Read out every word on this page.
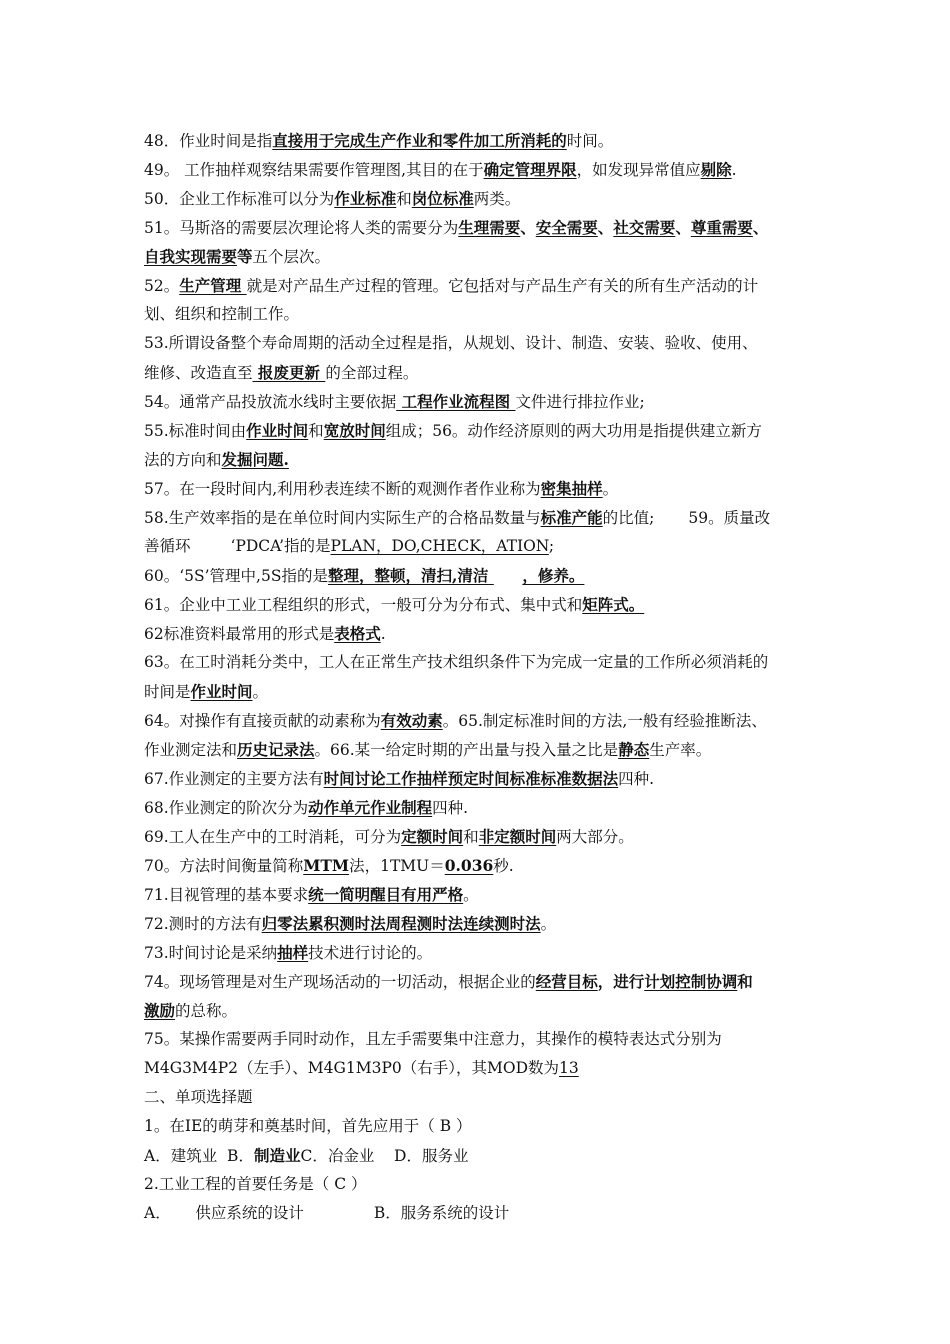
48．作业时间是指直接用于完成生产作业和零件加工所消耗的时间。
49。 工作抽样观察结果需要作管理图,其目的在于确定管理界限，如发现异常值应剔除.
50．企业工作标准可以分为作业标准和岗位标准两类。
51。马斯洛的需要层次理论将人类的需要分为生理需要、安全需要、社交需要、尊重需要、
自我实现需要等五个层次。
52。生产管理 就是对产品生产过程的管理。它包括对与产品生产有关的所有生产活动的计
划、组织和控制工作。
53.所谓设备整个寿命周期的活动全过程是指，从规划、设计、制造、安装、验收、使用、
维修、改造直至 报废更新 的全部过程。
54。通常产品投放流水线时主要依据 工程作业流程图 文件进行排拉作业;
55.标准时间由作业时间和宽放时间组成；56。动作经济原则的两大功用是指提供建立新方
法的方向和发掘问题.
57。在一段时间内,利用秒表连续不断的观测作者作业称为密集抽样。
58.生产效率指的是在单位时间内实际生产的合格品数量与标准产能的比值; 59。质量改
善循环	‘PDCA’指的是PLAN，DO,CHECK，ATION;
60。‘5S’管理中,5S指的是整理，整顿，清扫,清洁 ，修养。
61。企业中工业工程组织的形式，一般可分为分布式、集中式和矩阵式。
62标准资料最常用的形式是表格式.
63。在工时消耗分类中，工人在正常生产技术组织条件下为完成一定量的工作所必须消耗的
时间是作业时间。
64。对操作有直接贡献的动素称为有效动素。65.制定标准时间的方法,一般有经验推断法、
作业测定法和历史记录法。66.某一给定时期的产出量与投入量之比是静态生产率。
67.作业测定的主要方法有时间讨论工作抽样预定时间标准标准数据法四种.
68.作业测定的阶次分为动作单元作业制程四种.
69.工人在生产中的工时消耗，可分为定额时间和非定额时间两大部分。
70。方法时间衡量简称MTM法，1TMU＝0.036秒.
71.目视管理的基本要求统一简明醒目有用严格。
72.测时的方法有归零法累积测时法周程测时法连续测时法。
73.时间讨论是采纳抽样技术进行讨论的。
74。现场管理是对生产现场活动的一切活动，根据企业的经营目标，进行计划控制协调和
激励的总称。
75。某操作需要两手同时动作，且左手需要集中注意力，其操作的模特表达式分别为
M4G3M4P2（左手）、M4G1M3P0（右手），其MOD数为13
二、单项选择题
1。在IE的萌芽和奠基时间，首先应用于（ B ）
A．建筑业  B．制造业C．冶金业    D．服务业
2.工业工程的首要任务是（ C ）
A．     供应系统的设计	B．服务系统的设计
